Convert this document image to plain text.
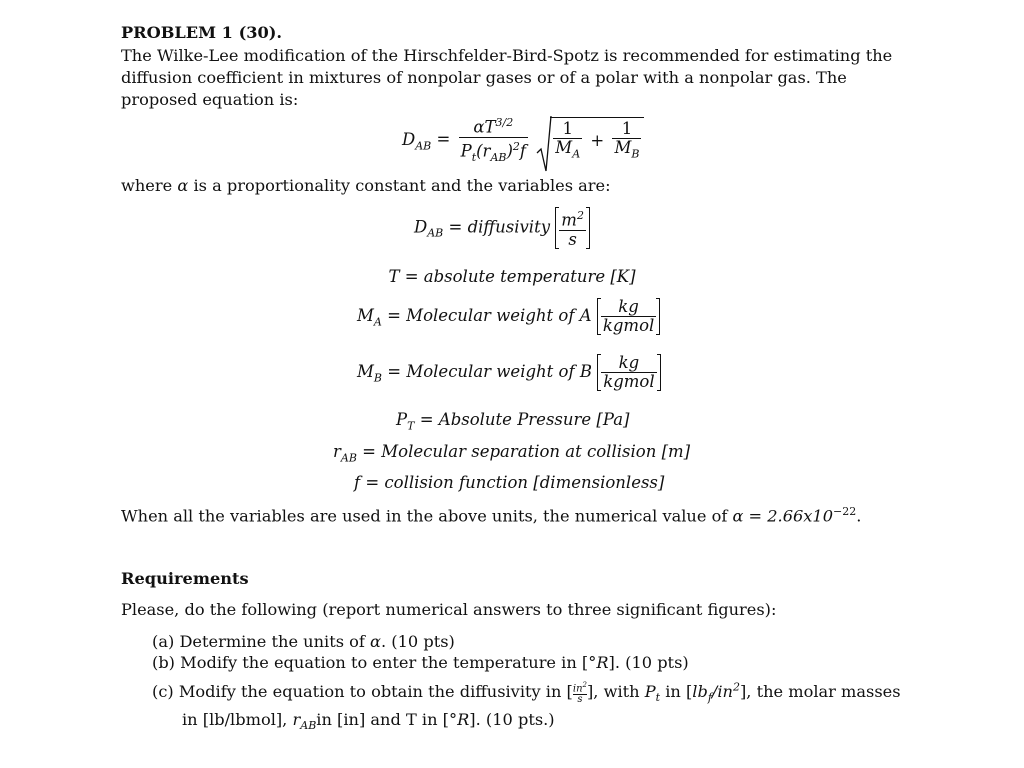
PROBLEM 1 (30).
The Wilke-Lee modification of the Hirschfelder-Bird-Spotz is recommended for estimating the diffusion coefficient in mixtures of nonpolar gases or of a polar with a nonpolar gas. The proposed equation is:
$D_{AB} = \frac{\alpha T^{3/2}}{P_t(r_{AB})^2f}$
$\frac{1}{M_A} + \frac{1}{M_B}$
where α is a proportionality constant and the variables are:
$D_{AB}$ = diffusivity $\frac{m^2}{s}$
T = absolute temperature [K]
$M_A$ = Molecular weight of A $\frac{kg}{\text{kgmol}}$
$M_B$ = Molecular weight of B $\frac{kg}{\text{kgmol}}$
$P_T$ = Absolute Pressure [Pa]
$r_{AB}$ = Molecular separation at collision [m]
f = collision function [dimensionless]
When all the variables are used in the above units, the numerical value of $\alpha = 2.66x10^{-22}$.
Requirements
Please, do the following (report numerical answers to three significant figures):
(a) Determine the units of α. (10 pts)
(b) Modify the equation to enter the temperature in [°R]. (10 pts)
(c) Modify the equation to obtain the diffusivity in [ $\frac{in^2}{s}$ ], with $P_t$ in $[lb_f/in^2]$, the molar masses
in [lb/lbmol], $r_{AB}in$ [in] and T in [°R]. (10 pts.)
